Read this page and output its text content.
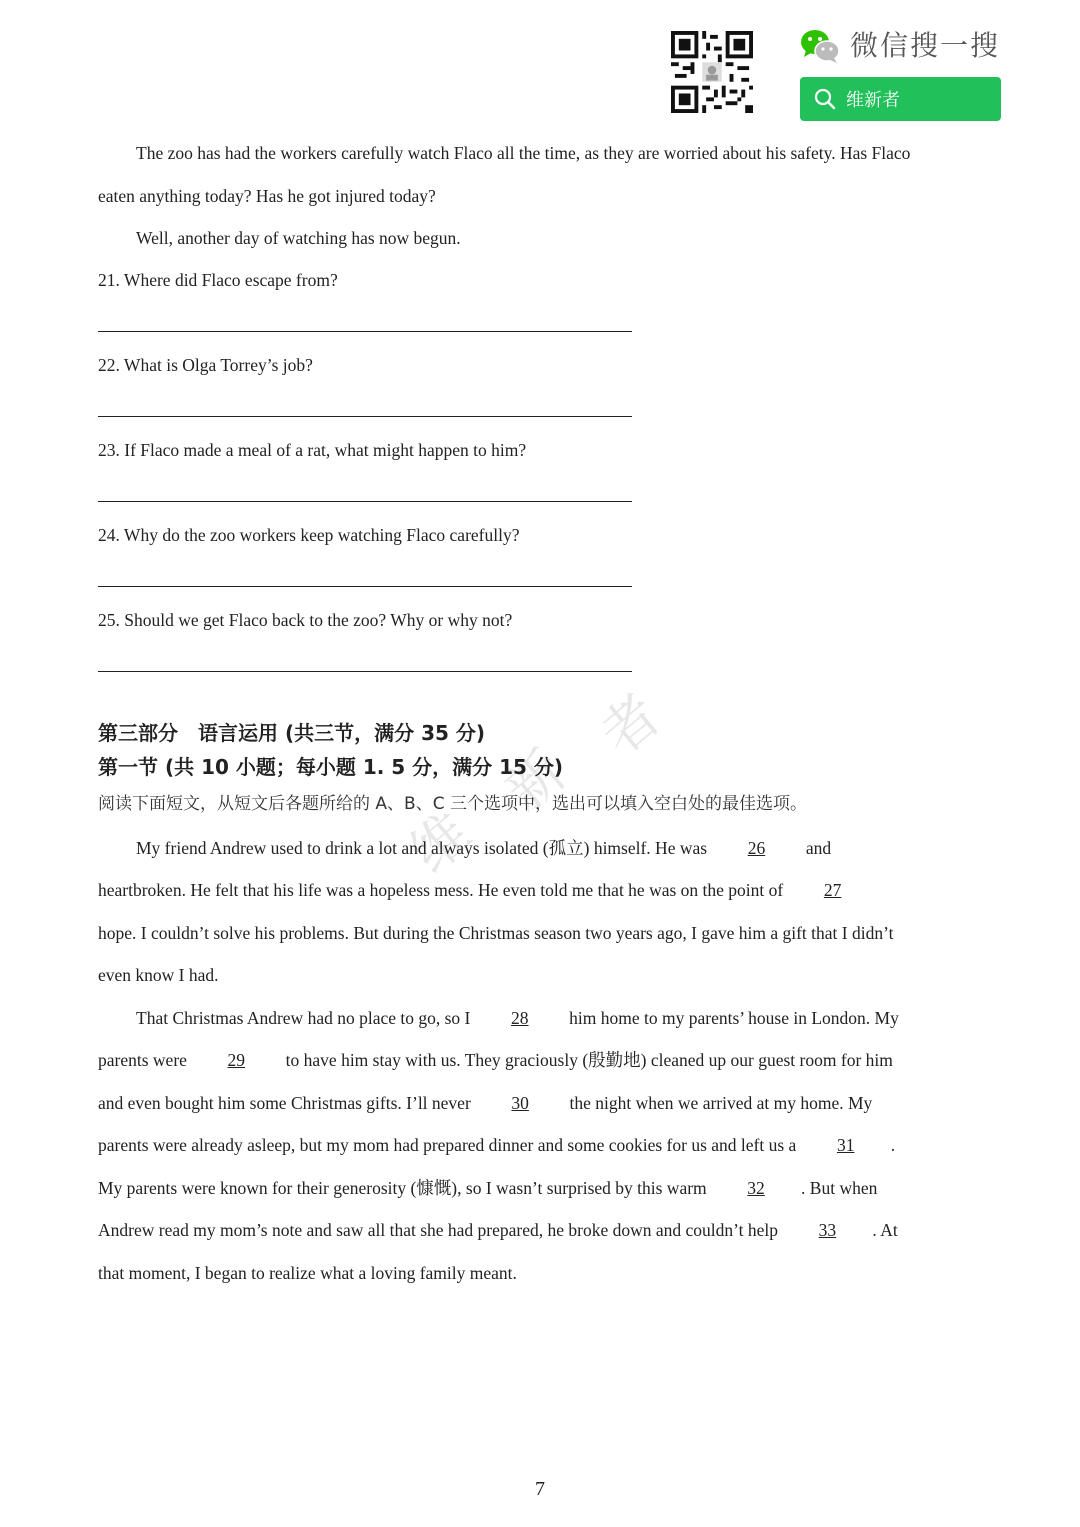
微信搜一搜
维新者
The zoo has had the workers carefully watch Flaco all the time, as they are worried about his safety. Has Flaco
eaten anything today? Has he got injured today?
Well, another day of watching has now begun.
21. Where did Flaco escape from?
22. What is Olga Torrey’s job?
23. If Flaco made a meal of a rat, what might happen to him?
24. Why do the zoo workers keep watching Flaco carefully?
25. Should we get Flaco back to the zoo? Why or why not?
维
新
者
第三部分　语言运用 (共三节，满分 35 分)
第一节 (共 10 小题；每小题 1. 5 分，满分 15 分)
阅读下面短文，从短文后各题所给的 A、B、C 三个选项中，选出可以填入空白处的最佳选项。
My friend Andrew used to drink a lot and always isolated (孤立) himself. He was 26 and
heartbroken. He felt that his life was a hopeless mess. He even told me that he was on the point of 27
hope. I couldn’t solve his problems. But during the Christmas season two years ago, I gave him a gift that I didn’t
even know I had.
That Christmas Andrew had no place to go, so I 28 him home to my parents’ house in London. My
parents were 29 to have him stay with us. They graciously (殷勤地) cleaned up our guest room for him
and even bought him some Christmas gifts. I’ll never 30 the night when we arrived at my home. My
parents were already asleep, but my mom had prepared dinner and some cookies for us and left us a 31 .
My parents were known for their generosity (慷慨), so I wasn’t surprised by this warm 32 . But when
Andrew read my mom’s note and saw all that she had prepared, he broke down and couldn’t help 33 . At
that moment, I began to realize what a loving family meant.
7
